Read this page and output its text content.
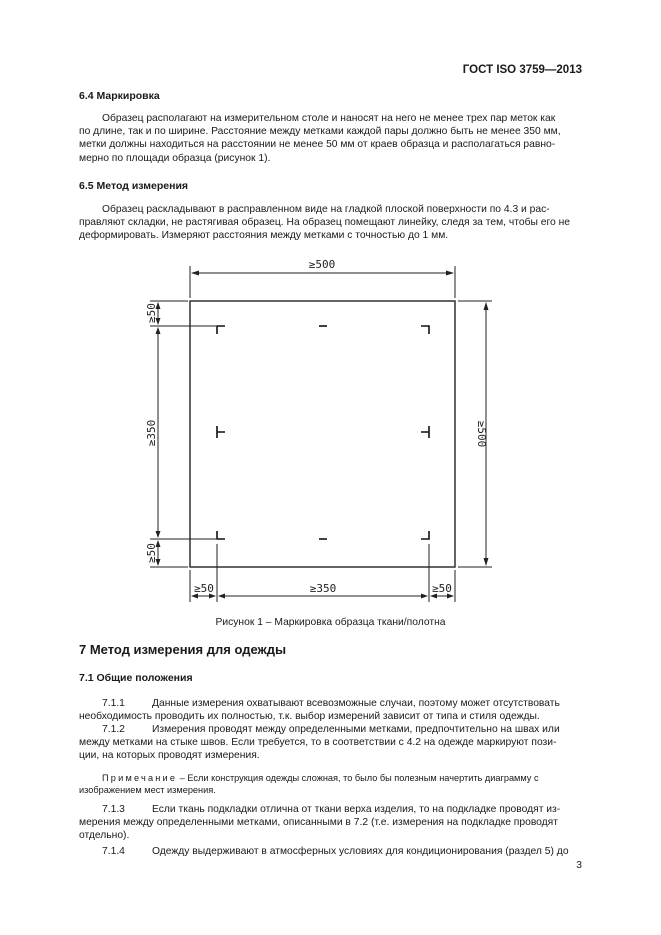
ГОСТ ISO 3759—2013
6.4 Маркировка
Образец располагают на измерительном столе и наносят на него не менее трех пар меток как
по длине, так и по ширине. Расстояние между метками каждой пары должно быть не менее 350 мм,
метки должны находиться на расстоянии не менее 50 мм от краев образца и располагаться равно-
мерно по площади образца (рисунок 1).
6.5 Метод измерения
Образец раскладывают в расправленном виде на гладкой плоской поверхности по 4.3 и рас-
правляют складки, не растягивая образец. На образец помещают линейку, следя за тем, чтобы его не
деформировать. Измеряют расстояния между метками с точностью до 1 мм.
≥500
≥500
≥50
≥350
≥50
≥50	≥350	≥50
Рисунок 1 – Маркировка образца ткани/полотна
7 Метод измерения для одежды
7.1 Общие положения
7.1.1	Данные измерения охватывают всевозможные случаи, поэтому может отсутствовать
необходимость проводить их полностью, т.к. выбор измерений зависит от типа и стиля одежды.
7.1.2	Измерения проводят между определенными метками, предпочтительно на швах или
между метками на стыке швов. Если требуется, то в соответствии с 4.2 на одежде маркируют пози-
ции, на которых проводят измерения.
Примечание – Если конструкция одежды сложная, то было бы полезным начертить диаграмму с
изображением мест измерения.
7.1.3	Если ткань подкладки отлична от ткани верха изделия, то на подкладке проводят из-
мерения между определенными метками, описанными в 7.2 (т.е. измерения на подкладке проводят
отдельно).
7.1.4	Одежду выдерживают в атмосферных условиях для кондиционирования (раздел 5) до
3
